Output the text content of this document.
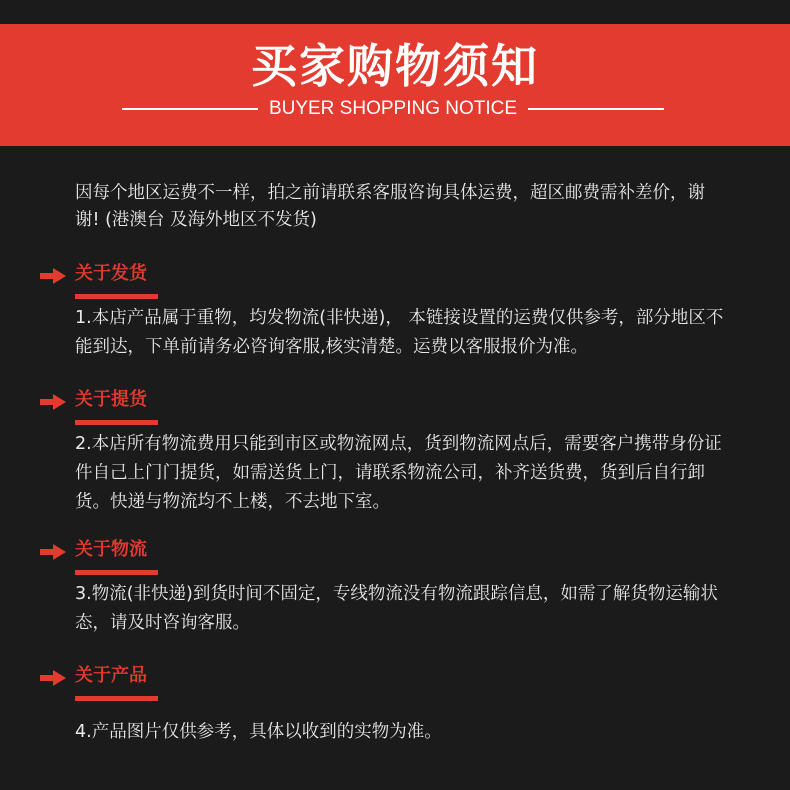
买家购物须知
BUYER SHOPPING NOTICE
因每个地区运费不一样，拍之前请联系客服咨询具体运费，超区邮费需补差价，谢谢! (港澳台 及海外地区不发货)
关于发货
1.本店产品属于重物，均发物流(非快递)， 本链接设置的运费仅供参考，部分地区不能到达，下单前请务必咨询客服,核实清楚。运费以客服报价为准。
关于提货
2.本店所有物流费用只能到市区或物流网点，货到物流网点后，需要客户携带身份证件自己上门门提货，如需送货上门，请联系物流公司，补齐送货费，货到后自行卸货。快递与物流均不上楼，不去地下室。
关于物流
3.物流(非快递)到货时间不固定，专线物流没有物流跟踪信息，如需了解货物运输状态，请及时咨询客服。
关于产品
4.产品图片仅供参考，具体以收到的实物为准。
